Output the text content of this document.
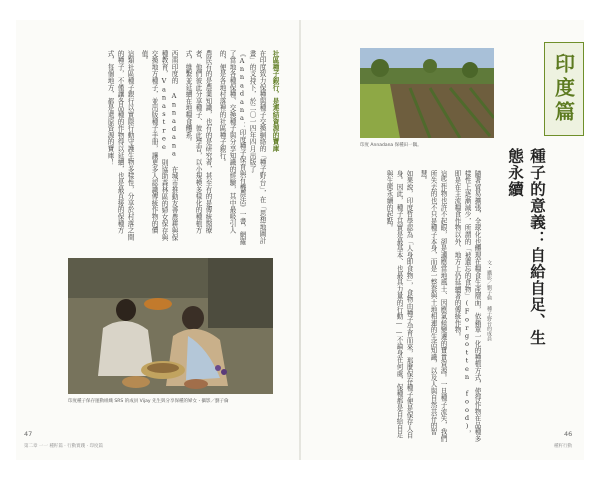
社區種子銀行，是連結資源的寶庫

在印度致力保種與種子交換網絡的「種子野台」，在「思想地圖計畫」的支持下，於二〇一四年四月出版了《Annadana：印度種子保育與有機農法》一書，網羅了當地各種保種、交換種子與分享知識的經驗，其中最吸引人的，便是各地村落裡的社區種子銀行。

農民有的是農業知識，也有的是研究者，甚至有的是傳統醫療者，他們彼此分享種子、彼此學習，以小規模多樣化的種植方式，維繫並延續在地糧食體系。

西南印度的 Annadana 在城市推動友善農耕與保種教育，Vanastree 則協助森林區的婦女保存與交換地方種子，並出版種子手冊，讓更多人認識傳統作物的價值。

這類社區種子銀行以實際行動守護生物多樣性，分享於村落之間的種子，不僅讓各品種的作物得以延續，也是最直接的保種方式，每個地方，都是還原資源的寶庫！

印度種子保存運動組織 SRS 的成員 Vijay 先生與分享保種的婦女・攝影／劉子倫
47
第二章 一一 種籽篇 · 行動實踐 · 印度篇
印度 Annadana 保種田一隅。
印度篇
種子的意義：自給自足、生態永續
文・攝影／劉子倫 種子野台的成員

隨著貿易擴張，全球化也體現在糧食生產層面，依賴單一化的種植方式，使得作物在品種多樣性上逐漸減少，所謂的「被遺忘的食物」(Forgotten food)，即是在主流糧食作物以外、地方上仍延續著的傳統作物。

這些作物也許不起眼，卻是適應當地風土、因應氣候變遷的寶貴資源。一旦種子流失，我們所失去的也不只是種子本身，而是一整套與土地相連的生活知識，以及人與自然共存的智慧。

如果說，印度哲學認為「人身即食物」，食物由種子孕育而來，那麼保存種子便是保存人自身。因此，種子其實是最基本、也最具力量的行動——不論身在何處，保種都是自給自足與生態永續的起點。

46
種籽行動
